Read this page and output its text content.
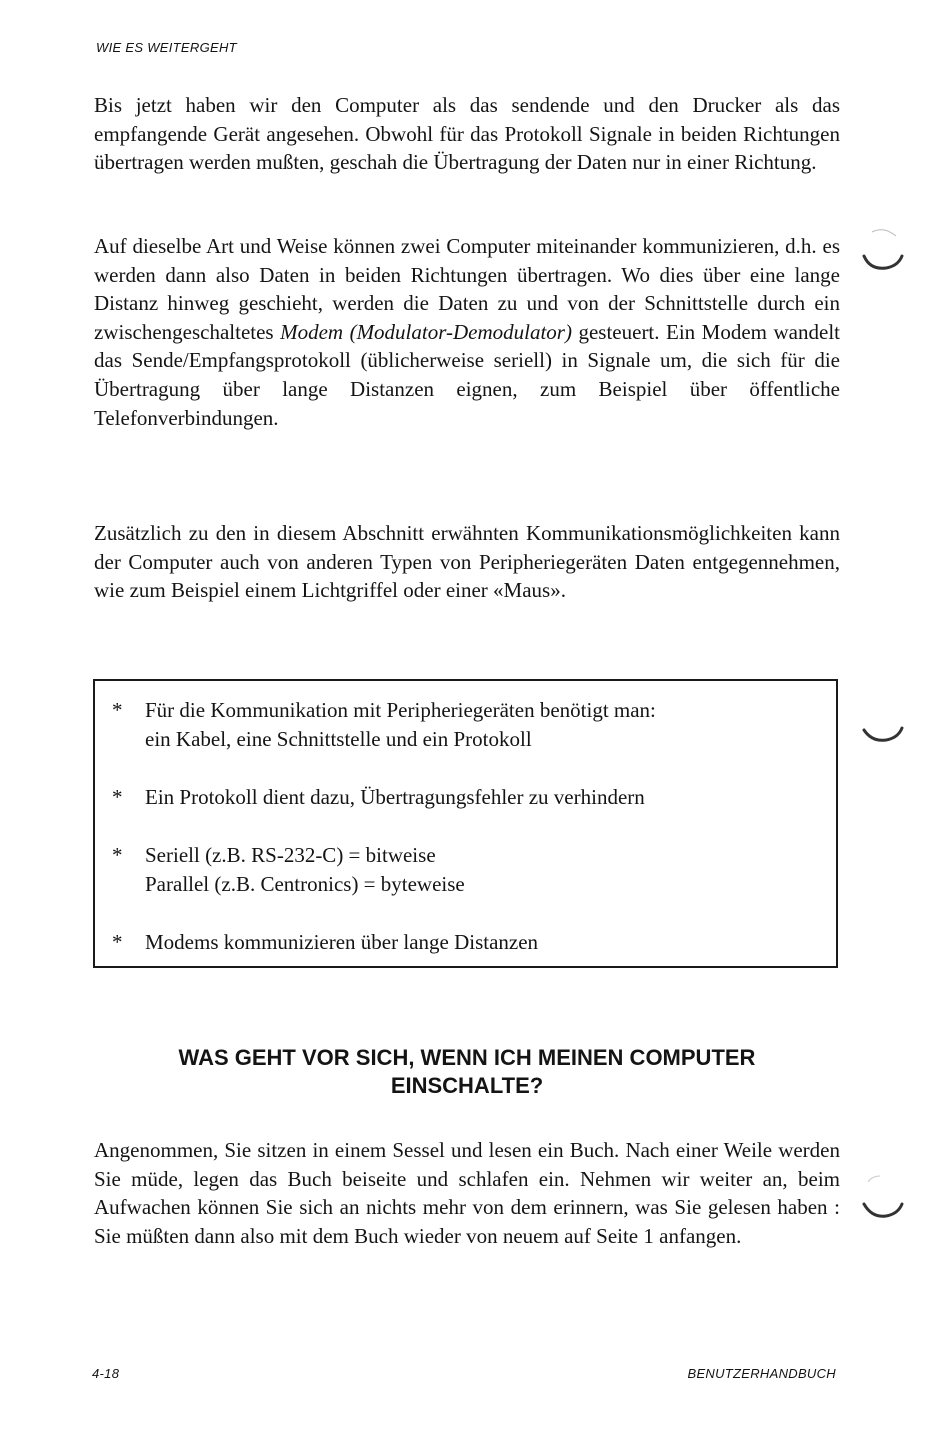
WIE ES WEITERGEHT

Bis jetzt haben wir den Computer als das sendende und den Drucker als das empfangende Gerät angesehen. Obwohl für das Protokoll Signale in beiden Richtungen übertragen werden mußten, geschah die Übertragung der Daten nur in einer Richtung.

Auf dieselbe Art und Weise können zwei Computer miteinander kommunizieren, d.h. es werden dann also Daten in beiden Richtungen übertragen. Wo dies über eine lange Distanz hinweg geschieht, werden die Daten zu und von der Schnittstelle durch ein zwischengeschaltetes Modem (Modulator-Demodulator) gesteuert. Ein Modem wandelt das Sende/Empfangsprotokoll (üblicherweise seriell) in Signale um, die sich für die Übertragung über lange Distanzen eignen, zum Beispiel über öffentliche Telefonverbindungen.

Zusätzlich zu den in diesem Abschnitt erwähnten Kommunikationsmöglichkeiten kann der Computer auch von anderen Typen von Peripheriegeräten Daten entgegennehmen, wie zum Beispiel einem Lichtgriffel oder einer «Maus».

* Für die Kommunikation mit Peripheriegeräten benötigt man:
ein Kabel, eine Schnittstelle und ein Protokoll
* Ein Protokoll dient dazu, Übertragungsfehler zu verhindern
* Seriell (z.B. RS-232-C) = bitweise
Parallel (z.B. Centronics) = byteweise
* Modems kommunizieren über lange Distanzen
WAS GEHT VOR SICH, WENN ICH MEINEN COMPUTER
EINSCHALTE?

Angenommen, Sie sitzen in einem Sessel und lesen ein Buch. Nach einer Weile werden Sie müde, legen das Buch beiseite und schlafen ein. Nehmen wir weiter an, beim Aufwachen können Sie sich an nichts mehr von dem erinnern, was Sie gelesen haben : Sie müßten dann also mit dem Buch wieder von neuem auf Seite 1 anfangen.

4-18	BENUTZERHANDBUCH
